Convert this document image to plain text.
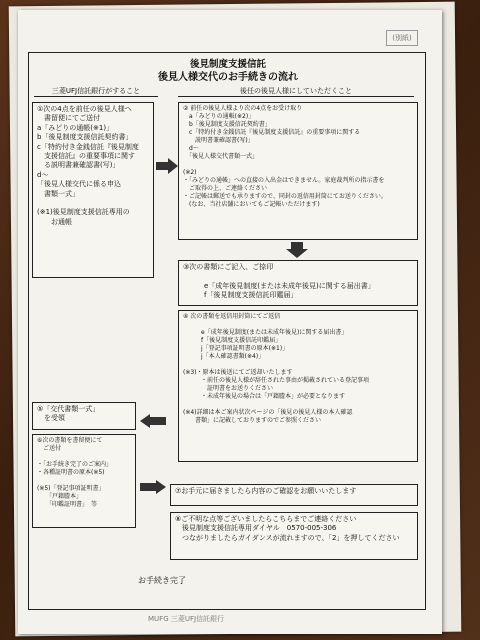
(別紙)
後見制度支援信託
後見人様交代のお手続きの流れ
三菱UFJ信託銀行がすること	後任の後見人様にしていただくこと
①次の4点を前任の後見人様へ
　書留便にてご送付
a「みどりの通帳(※1)」
b「後見制度支援信託契約書」
c「特約付き金銭信託『後見制度
　支援信託』の重要事項に関す
　る説明書兼確認書(写)」
d〜
「後見人様交代に係る申込
　書類一式」

(※1)後見制度支援信託専用の
　　お通帳
② 前任の後見人様より次の4点をお受け取り
　a「みどりの通帳(※2)」
　b「後見制度支援信託契約書」
　c「特約付き金銭信託『後見制度支援信託』の重要事項に関する
　　説明書兼確認書(写)」
　d〜
　「後見人様交代書類一式」

(※2)
・「みどりの通帳」への直接の入出金はできません。家庭裁判所の指示書を
　ご取得の上、ご連絡ください
・ご記帳は郵送でも承りますので、同封の返信用封筒にてお送りください。
　(なお、当社店舗においてもご記帳いただけます)
③次の書類にご記入、ご捺印

　　　e「成年後見制度(または未成年後見)に関する届出書」
　　　f「後見制度支援信託印鑑届」
④ 次の書類を返信用封筒にてご返信

　　　e「成年後見制度(または未成年後見)に関する届出書」
　　　f「後見制度支援信託印鑑届」
　　　j「登記事項証明書の原本(※1)」
　　　j「本人確認書類(※4)」

(※3)・原本は後送にてご返却いたします
　　　・前任の後見人様が辞任された事由が掲載されている登記事項
　　　　証明書をお送りください
　　　・未成年後見の場合は「戸籍謄本」が必要となります

(※4)詳細は本ご案内状次ページの「後見の後見人様の本人確認
　　書類」に記載しておりますのでご参照ください
⑤「交代書類一式」
　を受領
⑥次の書類を書留便にて
　ご送付

・「お手続き完了のご案内」
・各種証明書の原本(※5)

(※5)「登記事項証明書」
　　「戸籍謄本」
　　「印鑑証明書」　等
⑦お手元に届きましたら内容のご確認をお願いいたします
⑧ご不明な点等ございましたらこちらまでご連絡ください
　後見制度支援信託専用ダイヤル　0570-005-306
　つながりましたらガイダンスが流れますので、「2」を押してください
お手続き完了
MUFG 三菱UFJ信託銀行
